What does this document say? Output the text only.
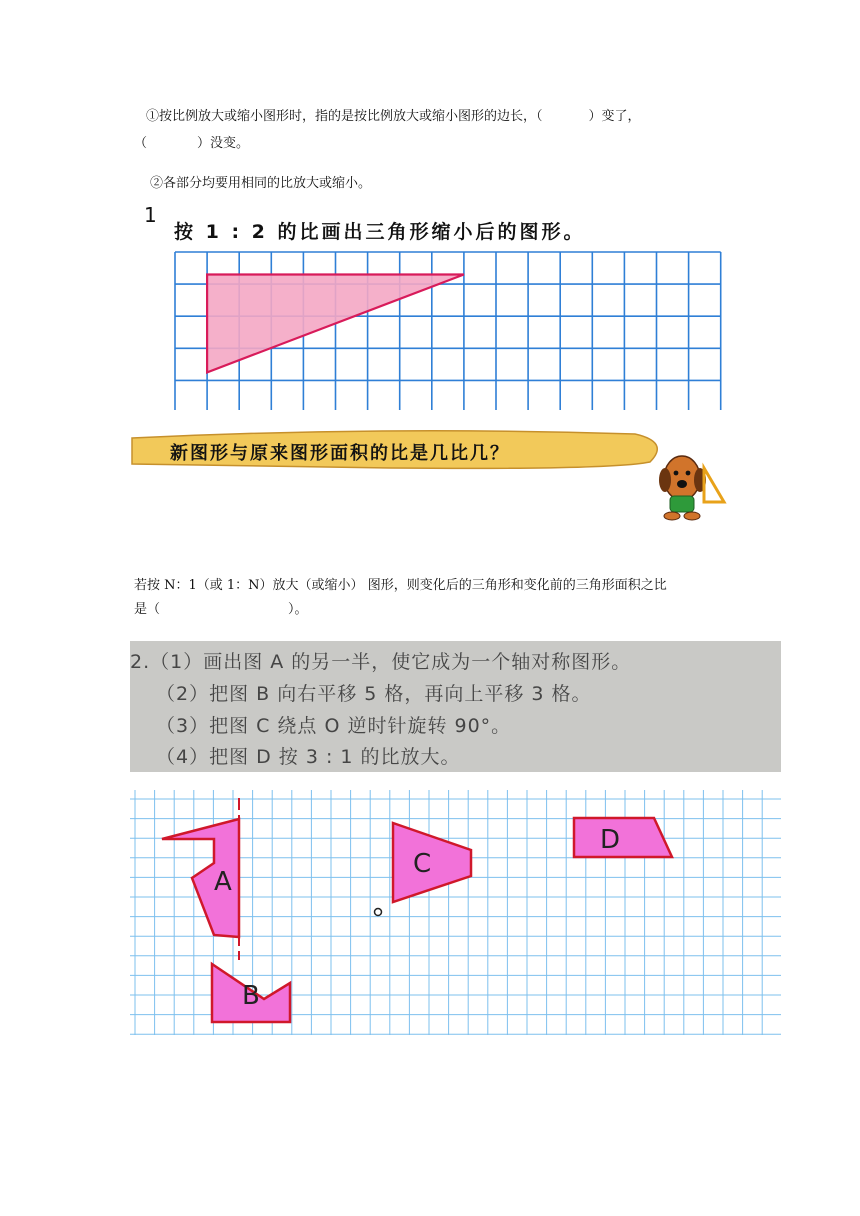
①按比例放大或缩小图形时，指的是按比例放大或缩小图形的边长，（	）变了，

（	）没变。

②各部分均要用相同的比放大或缩小。

1
按 1 : 2 的比画出三角形缩小后的图形。
新图形与原来图形面积的比是几比几？

若按 N：1（或 1：N）放大（或缩小） 图形，则变化后的三角形和变化前的三角形面积之比

是（	）。

2.（1）画出图 A 的另一半，使它成为一个轴对称图形。
（2）把图 B 向右平移 5 格，再向上平移 3 格。
（3）把图 C 绕点 O 逆时针旋转 90°。
（4）把图 D 按 3 : 1 的比放大。
A
B
C
D
